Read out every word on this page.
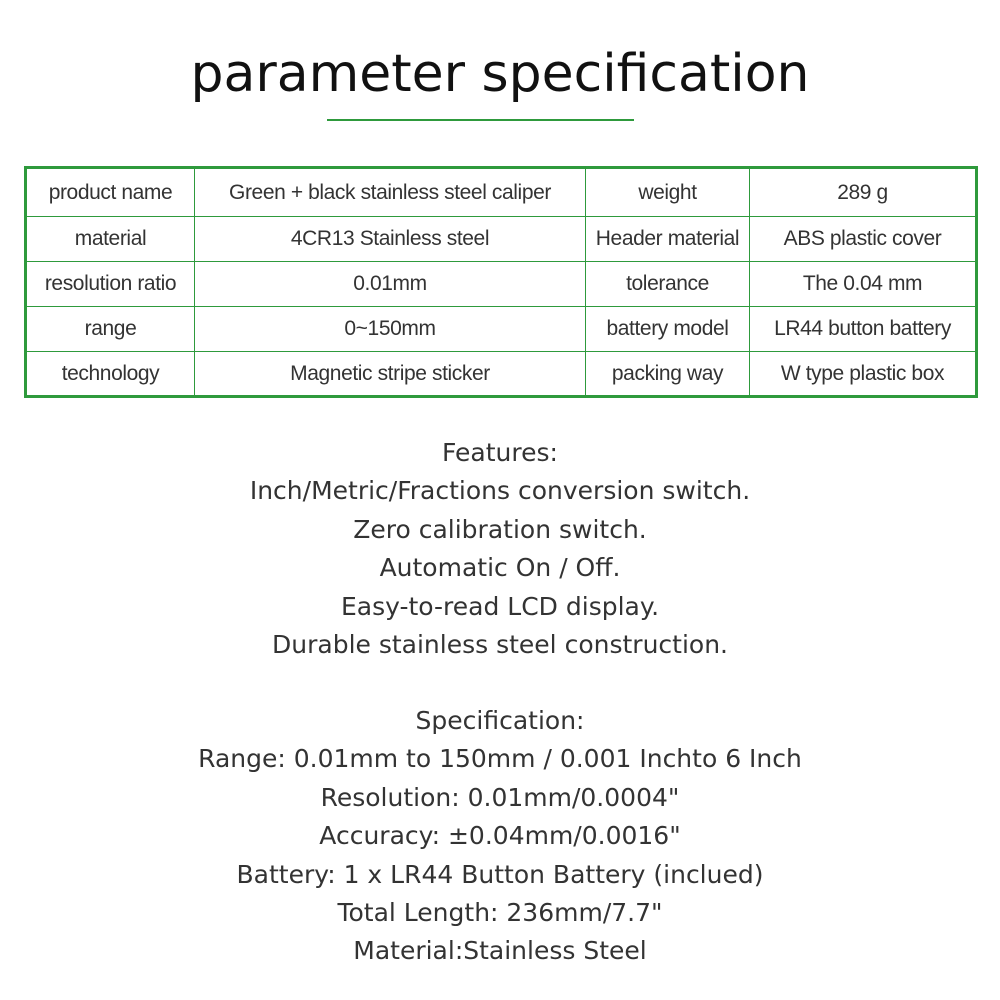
parameter specification
product name	Green + black stainless steel caliper	weight	289 g
material	4CR13 Stainless steel	Header material	ABS plastic cover
resolution ratio	0.01mm	tolerance	The 0.04 mm
range	0~150mm	battery model	LR44 button battery
technology	Magnetic stripe sticker	packing way	W type plastic box
Features:
Inch/Metric/Fractions conversion switch.
Zero calibration switch.
Automatic On / Off.
Easy-to-read LCD display.
Durable stainless steel construction.
Specification:
Range: 0.01mm to 150mm / 0.001 Inchto 6 Inch
Resolution: 0.01mm/0.0004"
Accuracy: ±0.04mm/0.0016"
Battery: 1 x LR44 Button Battery (inclued)
Total Length: 236mm/7.7"
Material:Stainless Steel
